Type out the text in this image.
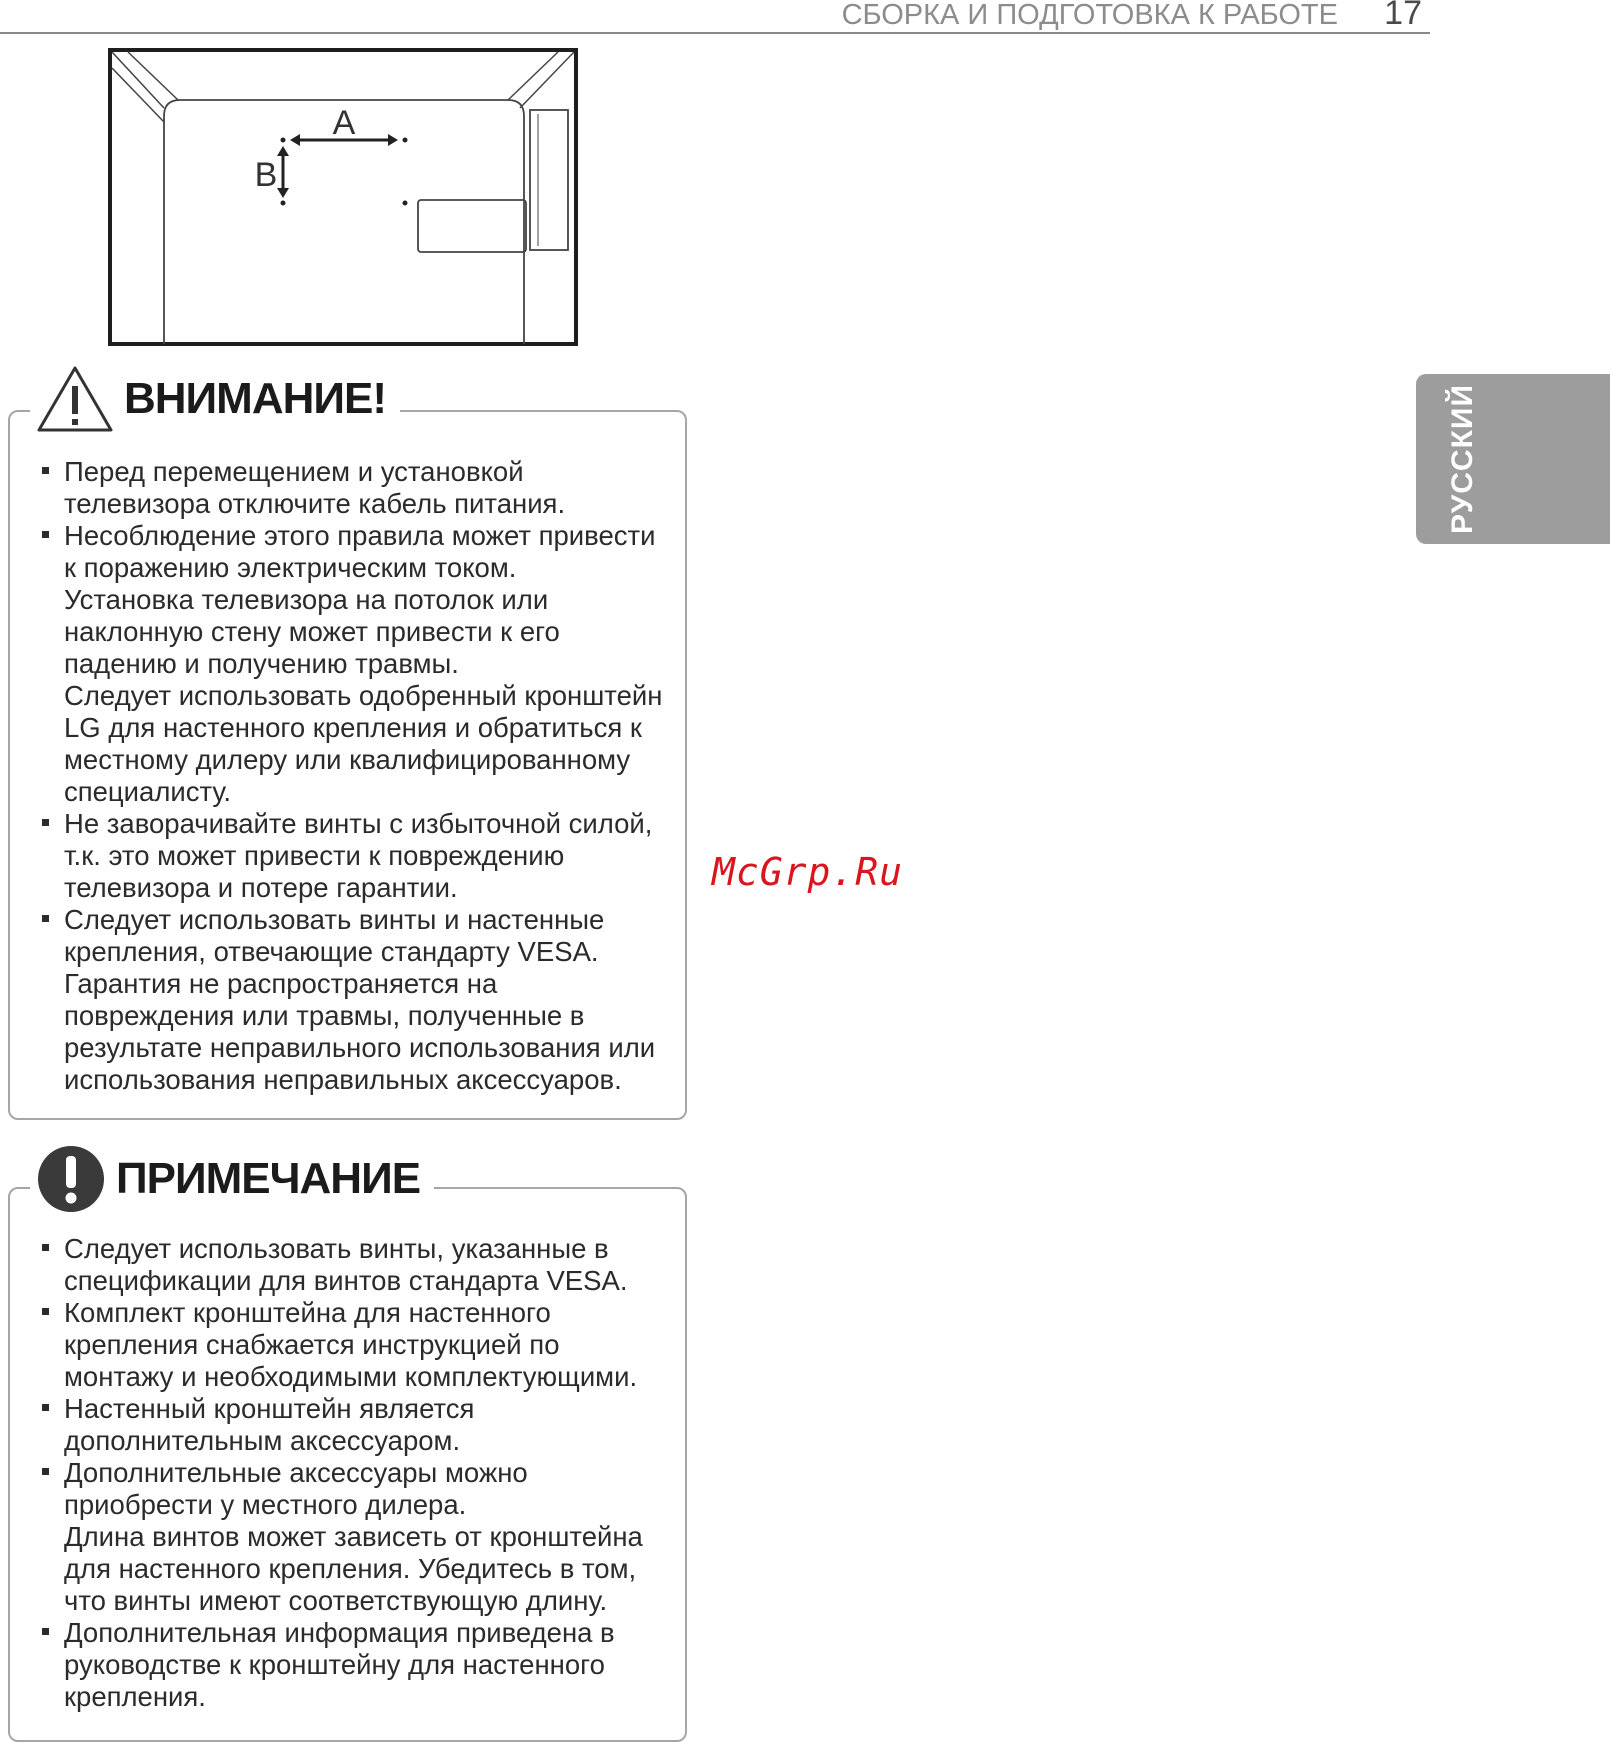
СБОРКА И ПОДГОТОВКА К РАБОТЕ 17
A
B
ВНИМАНИЕ!
Перед перемещением и установкой телевизора отключите кабель питания.
Несоблюдение этого правила может привести к поражению электрическим током.
Установка телевизора на потолок или наклонную стену может привести к его падению и получению травмы.
Следует использовать одобренный кронштейн LG для настенного крепления и обратиться к местному дилеру или квалифицированному специалисту.
Не заворачивайте винты с избыточной силой, т.к. это может привести к повреждению телевизора и потере гарантии.
Следует использовать винты и настенные крепления, отвечающие стандарту VESA. Гарантия не распространяется на повреждения или травмы, полученные в результате неправильного использования или использования неправильных аксессуаров.
ПРИМЕЧАНИЕ
Следует использовать винты, указанные в спецификации для винтов стандарта VESA.
Комплект кронштейна для настенного крепления снабжается инструкцией по монтажу и необходимыми комплектующими.
Настенный кронштейн является дополнительным аксессуаром.
Дополнительные аксессуары можно приобрести у местного дилера.
Длина винтов может зависеть от кронштейна для настенного крепления. Убедитесь в том, что винты имеют соответствующую длину.
Дополнительная информация приведена в руководстве к кронштейну для настенного крепления.
McGrp.Ru
РУССКИЙ
